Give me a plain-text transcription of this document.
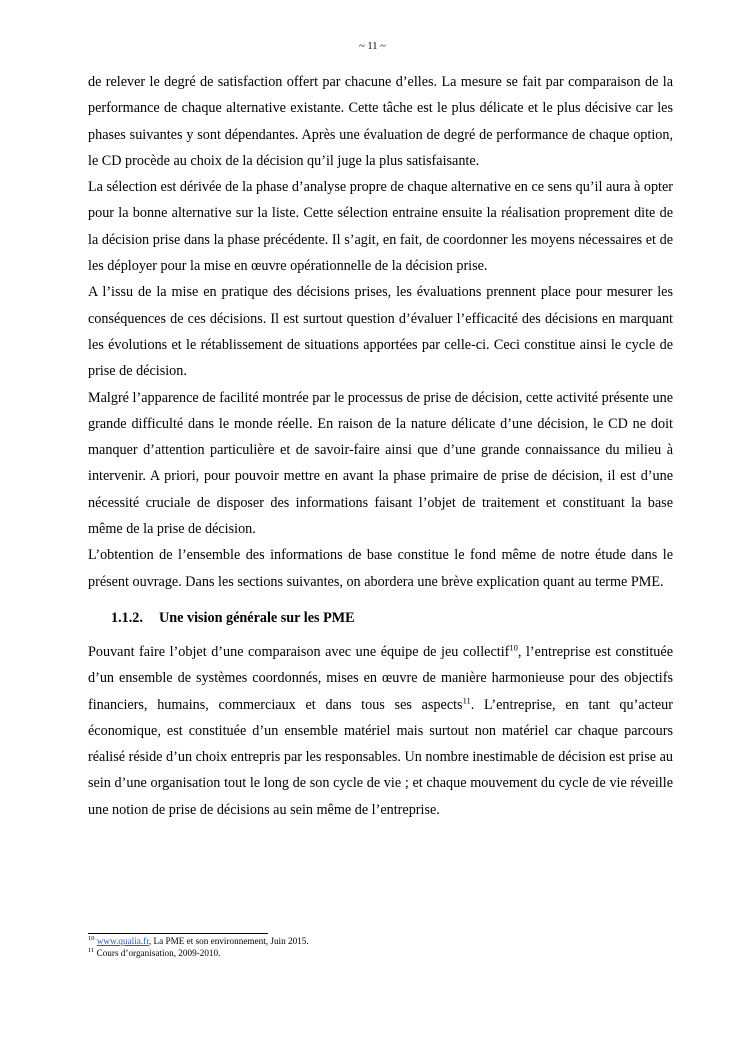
~ 11 ~

de relever le degré de satisfaction offert par chacune d’elles. La mesure se fait par comparaison de la performance de chaque alternative existante. Cette tâche est le plus délicate et le plus décisive car les phases suivantes y sont dépendantes. Après une évaluation de degré de performance de chaque option, le CD procède au choix de la décision qu’il juge la plus satisfaisante.

La sélection est dérivée de la phase d’analyse propre de chaque alternative en ce sens qu’il aura à opter pour la bonne alternative sur la liste. Cette sélection entraine ensuite la réalisation proprement dite de la décision prise dans la phase précédente. Il s’agit, en fait, de coordonner les moyens nécessaires et de les déployer pour la mise en œuvre opérationnelle de la décision prise.

A l’issu de la mise en pratique des décisions prises, les évaluations prennent place pour mesurer les conséquences de ces décisions. Il est surtout question d’évaluer l’efficacité des décisions en marquant les évolutions et le rétablissement de situations apportées par celle-ci. Ceci constitue ainsi le cycle de prise de décision.

Malgré l’apparence de facilité montrée par le processus de prise de décision, cette activité présente une grande difficulté dans le monde réelle. En raison de la nature délicate d’une décision, le CD ne doit manquer d’attention particulière et de savoir-faire ainsi que d’une grande connaissance du milieu à intervenir. A priori, pour pouvoir mettre en avant la phase primaire de prise de décision, il est d’une nécessité cruciale de disposer des informations faisant l’objet de traitement et constituant la base même de la prise de décision.

L’obtention de l’ensemble des informations de base constitue le fond même de notre étude dans le présent ouvrage. Dans les sections suivantes, on abordera une brève explication quant au terme PME.

1.1.2. Une vision générale sur les PME

Pouvant faire l’objet d’une comparaison avec une équipe de jeu collectif$^{10}$, l’entreprise est constituée d’un ensemble de systèmes coordonnés, mises en œuvre de manière harmonieuse pour des objectifs financiers, humains, commerciaux et dans tous ses aspects$^{11}$. L’entreprise, en tant qu’acteur économique, est constituée d’un ensemble matériel mais surtout non matériel car chaque parcours réalisé réside d’un choix entrepris par les responsables. Un nombre inestimable de décision est prise au sein d’une organisation tout le long de son cycle de vie ; et chaque mouvement du cycle de vie réveille une notion de prise de décisions au sein même de l’entreprise.

$^{10}$ www.qualia.fr, La PME et son environnement, Juin 2015.

$^{11}$ Cours d’organisation, 2009-2010.
